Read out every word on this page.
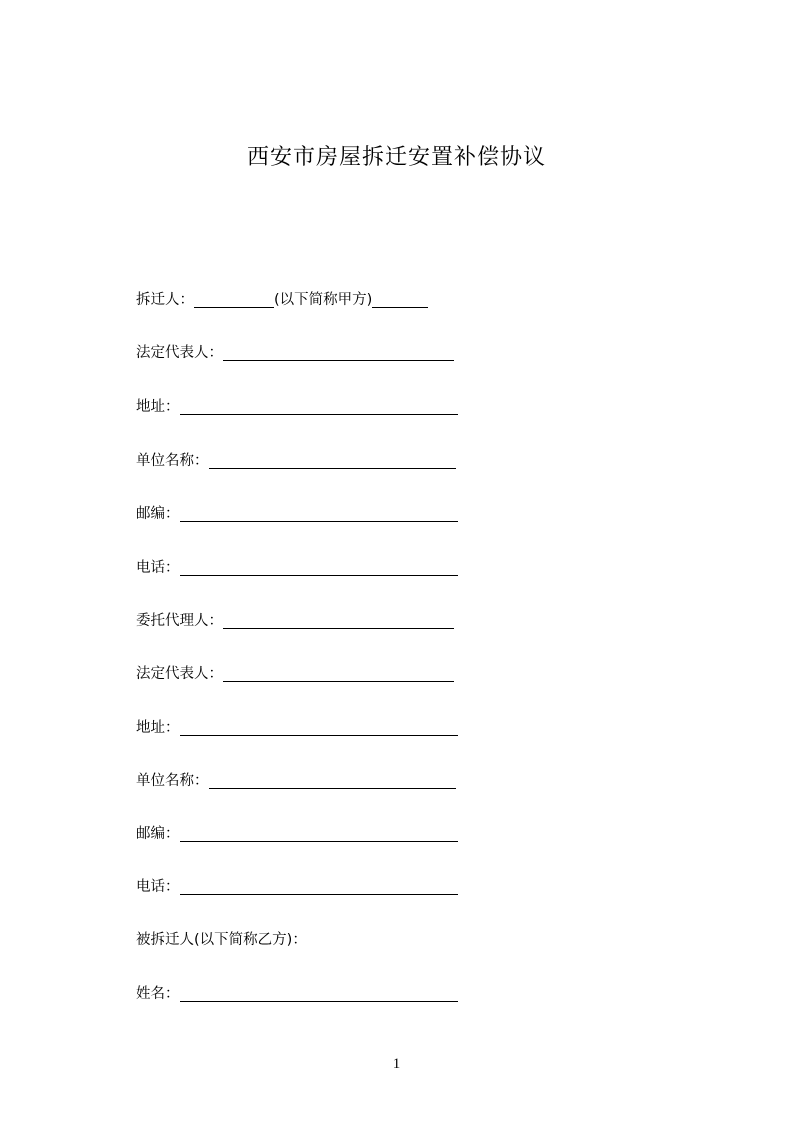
西安市房屋拆迁安置补偿协议
拆迁人：	(以下简称甲方)
法定代表人：
地址：
单位名称：
邮编：
电话：
委托代理人：
法定代表人：
地址：
单位名称：
邮编：
电话：
被拆迁人(以下简称乙方)：
姓名：
1
